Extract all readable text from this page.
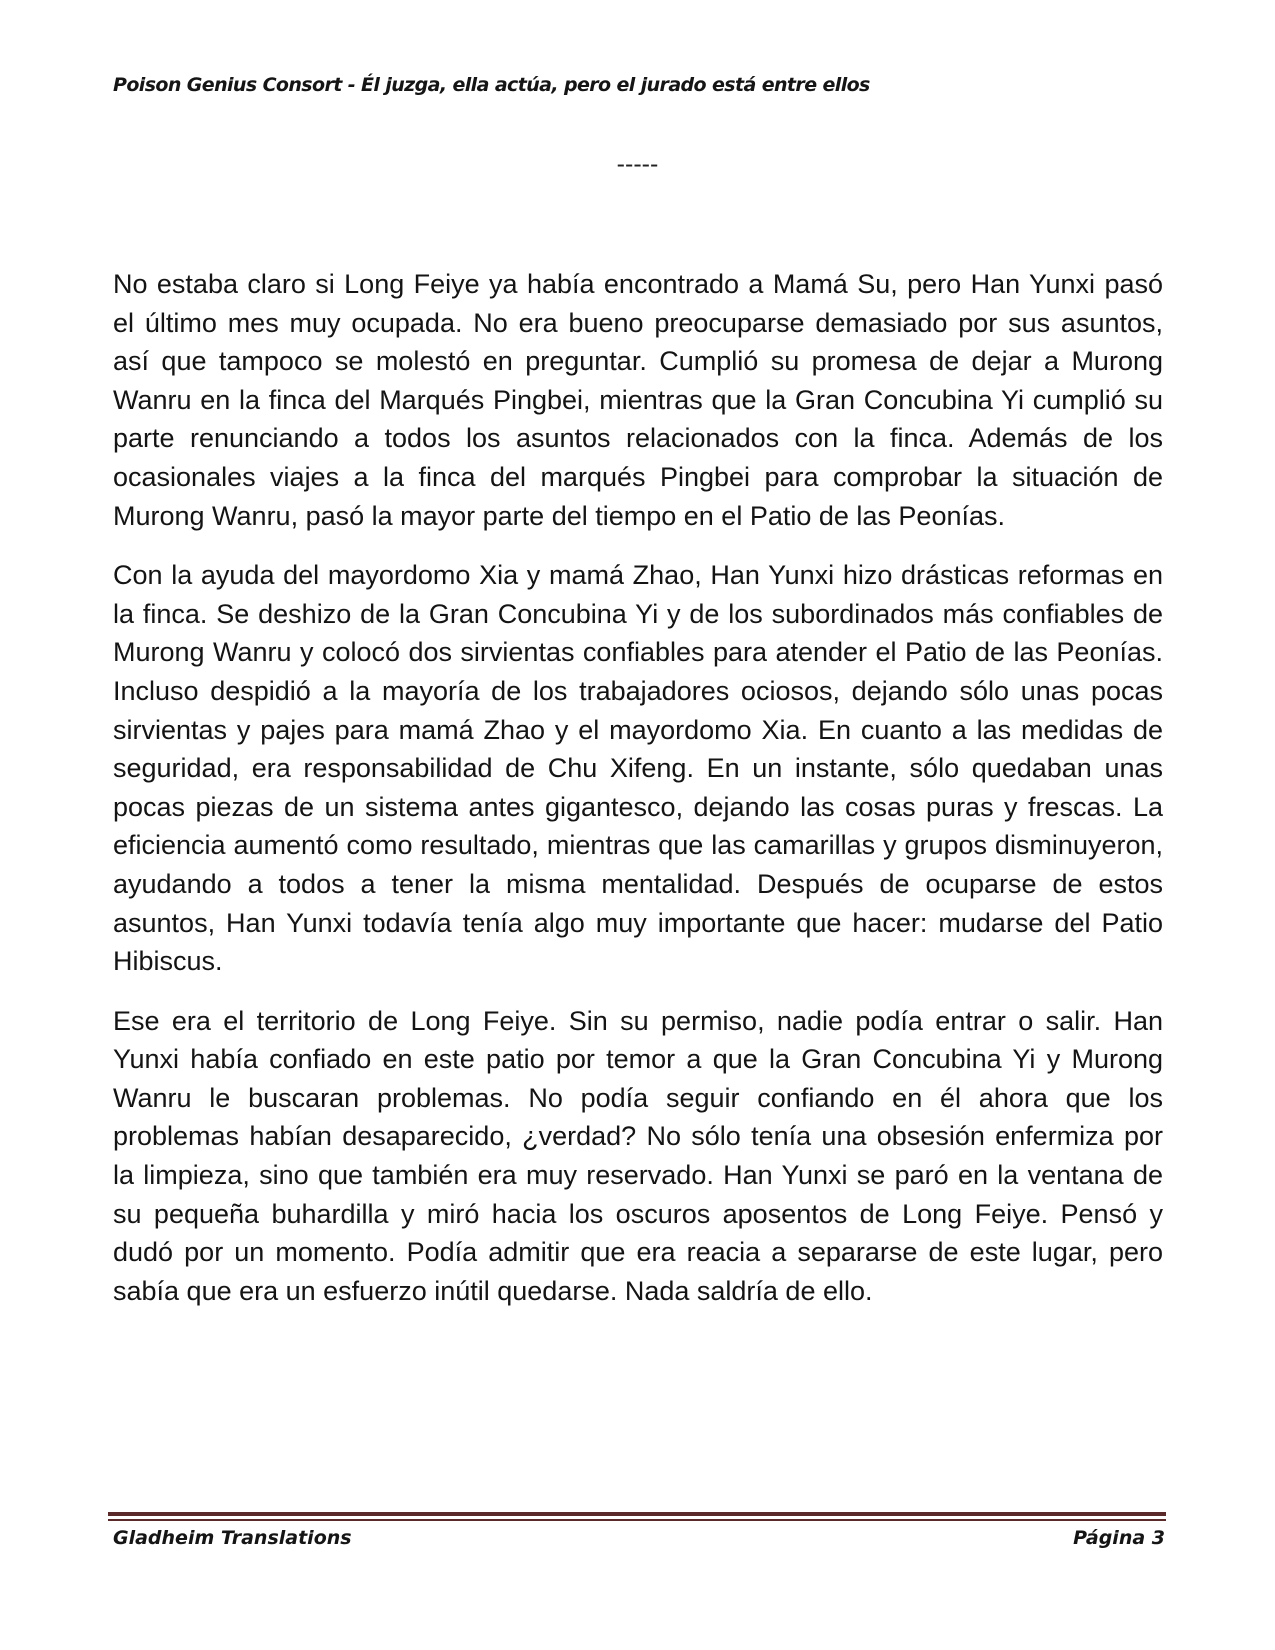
Poison Genius Consort - Él juzga, ella actúa, pero el jurado está entre ellos
-----

No estaba claro si Long Feiye ya había encontrado a Mamá Su, pero Han Yunxi pasó el último mes muy ocupada. No era bueno preocuparse demasiado por sus asuntos, así que tampoco se molestó en preguntar. Cumplió su promesa de dejar a Murong Wanru en la finca del Marqués Pingbei, mientras que la Gran Concubina Yi cumplió su parte renunciando a todos los asuntos relacionados con la finca. Además de los ocasionales viajes a la finca del marqués Pingbei para comprobar la situación de Murong Wanru, pasó la mayor parte del tiempo en el Patio de las Peonías.

Con la ayuda del mayordomo Xia y mamá Zhao, Han Yunxi hizo drásticas reformas en la finca. Se deshizo de la Gran Concubina Yi y de los subordinados más confiables de Murong Wanru y colocó dos sirvientas confiables para atender el Patio de las Peonías. Incluso despidió a la mayoría de los trabajadores ociosos, dejando sólo unas pocas sirvientas y pajes para mamá Zhao y el mayordomo Xia. En cuanto a las medidas de seguridad, era responsabilidad de Chu Xifeng. En un instante, sólo quedaban unas pocas piezas de un sistema antes gigantesco, dejando las cosas puras y frescas. La eficiencia aumentó como resultado, mientras que las camarillas y grupos disminuyeron, ayudando a todos a tener la misma mentalidad. Después de ocuparse de estos asuntos, Han Yunxi todavía tenía algo muy importante que hacer: mudarse del Patio Hibiscus.

Ese era el territorio de Long Feiye. Sin su permiso, nadie podía entrar o salir. Han Yunxi había confiado en este patio por temor a que la Gran Concubina Yi y Murong Wanru le buscaran problemas. No podía seguir confiando en él ahora que los problemas habían desaparecido, ¿verdad? No sólo tenía una obsesión enfermiza por la limpieza, sino que también era muy reservado. Han Yunxi se paró en la ventana de su pequeña buhardilla y miró hacia los oscuros aposentos de Long Feiye. Pensó y dudó por un momento. Podía admitir que era reacia a separarse de este lugar, pero sabía que era un esfuerzo inútil quedarse. Nada saldría de ello.

Gladheim Translations	Página 3
